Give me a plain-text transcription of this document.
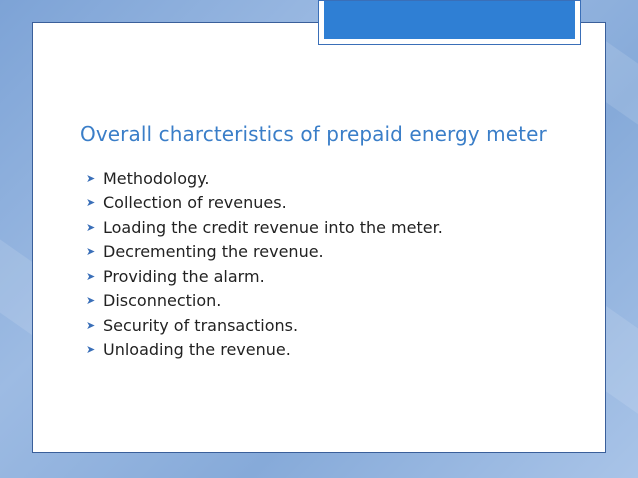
Overall charcteristics of prepaid energy meter
➤ Methodology.
➤ Collection of revenues.
➤ Loading the credit revenue into the meter.
➤ Decrementing the revenue.
➤ Providing the alarm.
➤ Disconnection.
➤ Security of transactions.
➤ Unloading the revenue.
